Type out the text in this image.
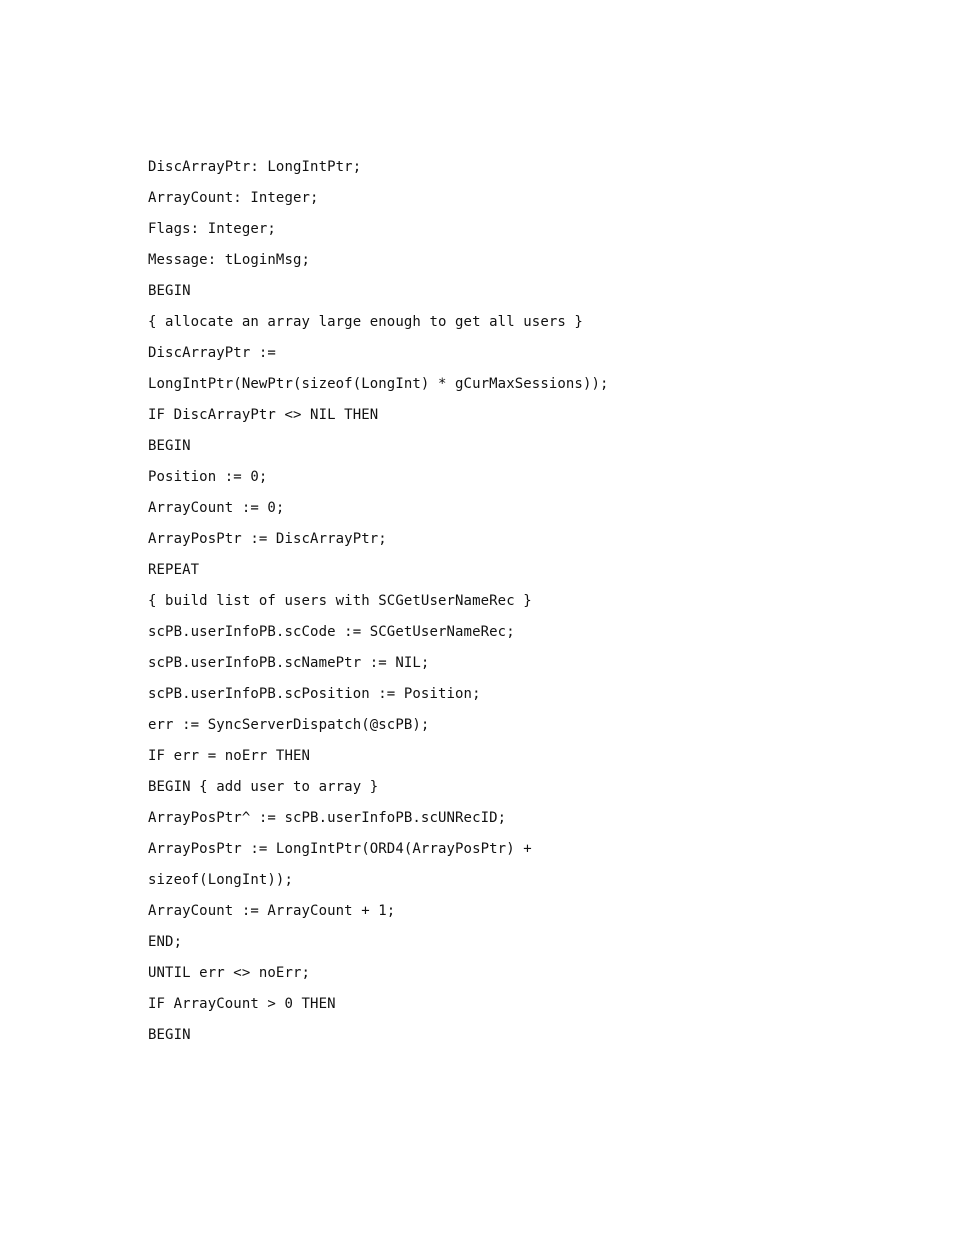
DiscArrayPtr: LongIntPtr;
ArrayCount: Integer;
Flags: Integer;
Message: tLoginMsg;
BEGIN
{ allocate an array large enough to get all users }
DiscArrayPtr :=
LongIntPtr(NewPtr(sizeof(LongInt) * gCurMaxSessions));
IF DiscArrayPtr <> NIL THEN
BEGIN
Position := 0;
ArrayCount := 0;
ArrayPosPtr := DiscArrayPtr;
REPEAT
{ build list of users with SCGetUserNameRec }
scPB.userInfoPB.scCode := SCGetUserNameRec;
scPB.userInfoPB.scNamePtr := NIL;
scPB.userInfoPB.scPosition := Position;
err := SyncServerDispatch(@scPB);
IF err = noErr THEN
BEGIN { add user to array }
ArrayPosPtr^ := scPB.userInfoPB.scUNRecID;
ArrayPosPtr := LongIntPtr(ORD4(ArrayPosPtr) +
sizeof(LongInt));
ArrayCount := ArrayCount + 1;
END;
UNTIL err <> noErr;
IF ArrayCount > 0 THEN
BEGIN
